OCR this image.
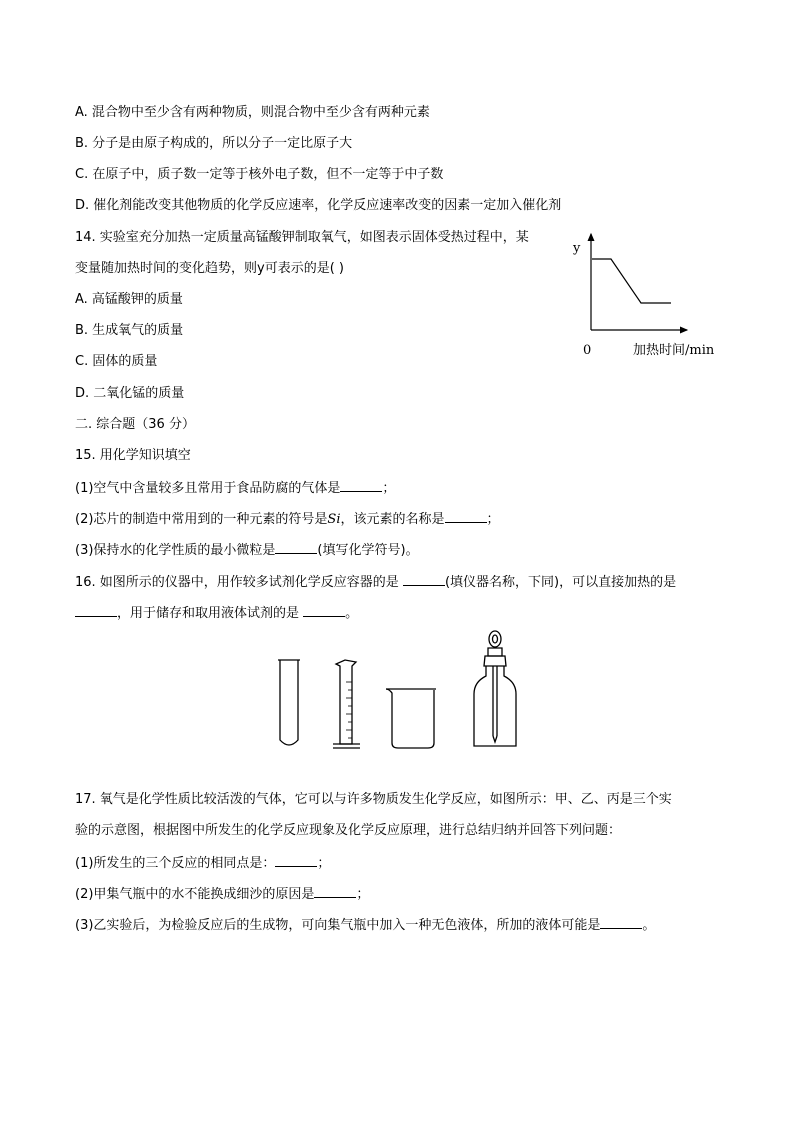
A. 混合物中至少含有两种物质，则混合物中至少含有两种元素
B. 分子是由原子构成的，所以分子一定比原子大
C. 在原子中，质子数一定等于核外电子数，但不一定等于中子数
D. 催化剂能改变其他物质的化学反应速率，化学反应速率改变的因素一定加入催化剂
14. 实验室充分加热一定质量高锰酸钾制取氧气，如图表示固体受热过程中，某
变量随加热时间的变化趋势，则y可表示的是( )
A. 高锰酸钾的质量
B. 生成氧气的质量
C. 固体的质量
D. 二氧化锰的质量
y
0	加热时间/min
二. 综合题（36 分）
15. 用化学知识填空
(1)空气中含量较多且常用于食品防腐的气体是	；
(2)芯片的制造中常用到的一种元素的符号是Si，该元素的名称是	；
(3)保持水的化学性质的最小微粒是	(填写化学符号)。
16. 如图所示的仪器中，用作较多试剂化学反应容器的是	(填仪器名称，下同)，可以直接加热的是
，用于储存和取用液体试剂的是	。
17. 氧气是化学性质比较活泼的气体，它可以与许多物质发生化学反应，如图所示：甲、乙、丙是三个实
验的示意图，根据图中所发生的化学反应现象及化学反应原理，进行总结归纳并回答下列问题：
(1)所发生的三个反应的相同点是：	；
(2)甲集气瓶中的水不能换成细沙的原因是	；
(3)乙实验后，为检验反应后的生成物，可向集气瓶中加入一种无色液体，所加的液体可能是	。
